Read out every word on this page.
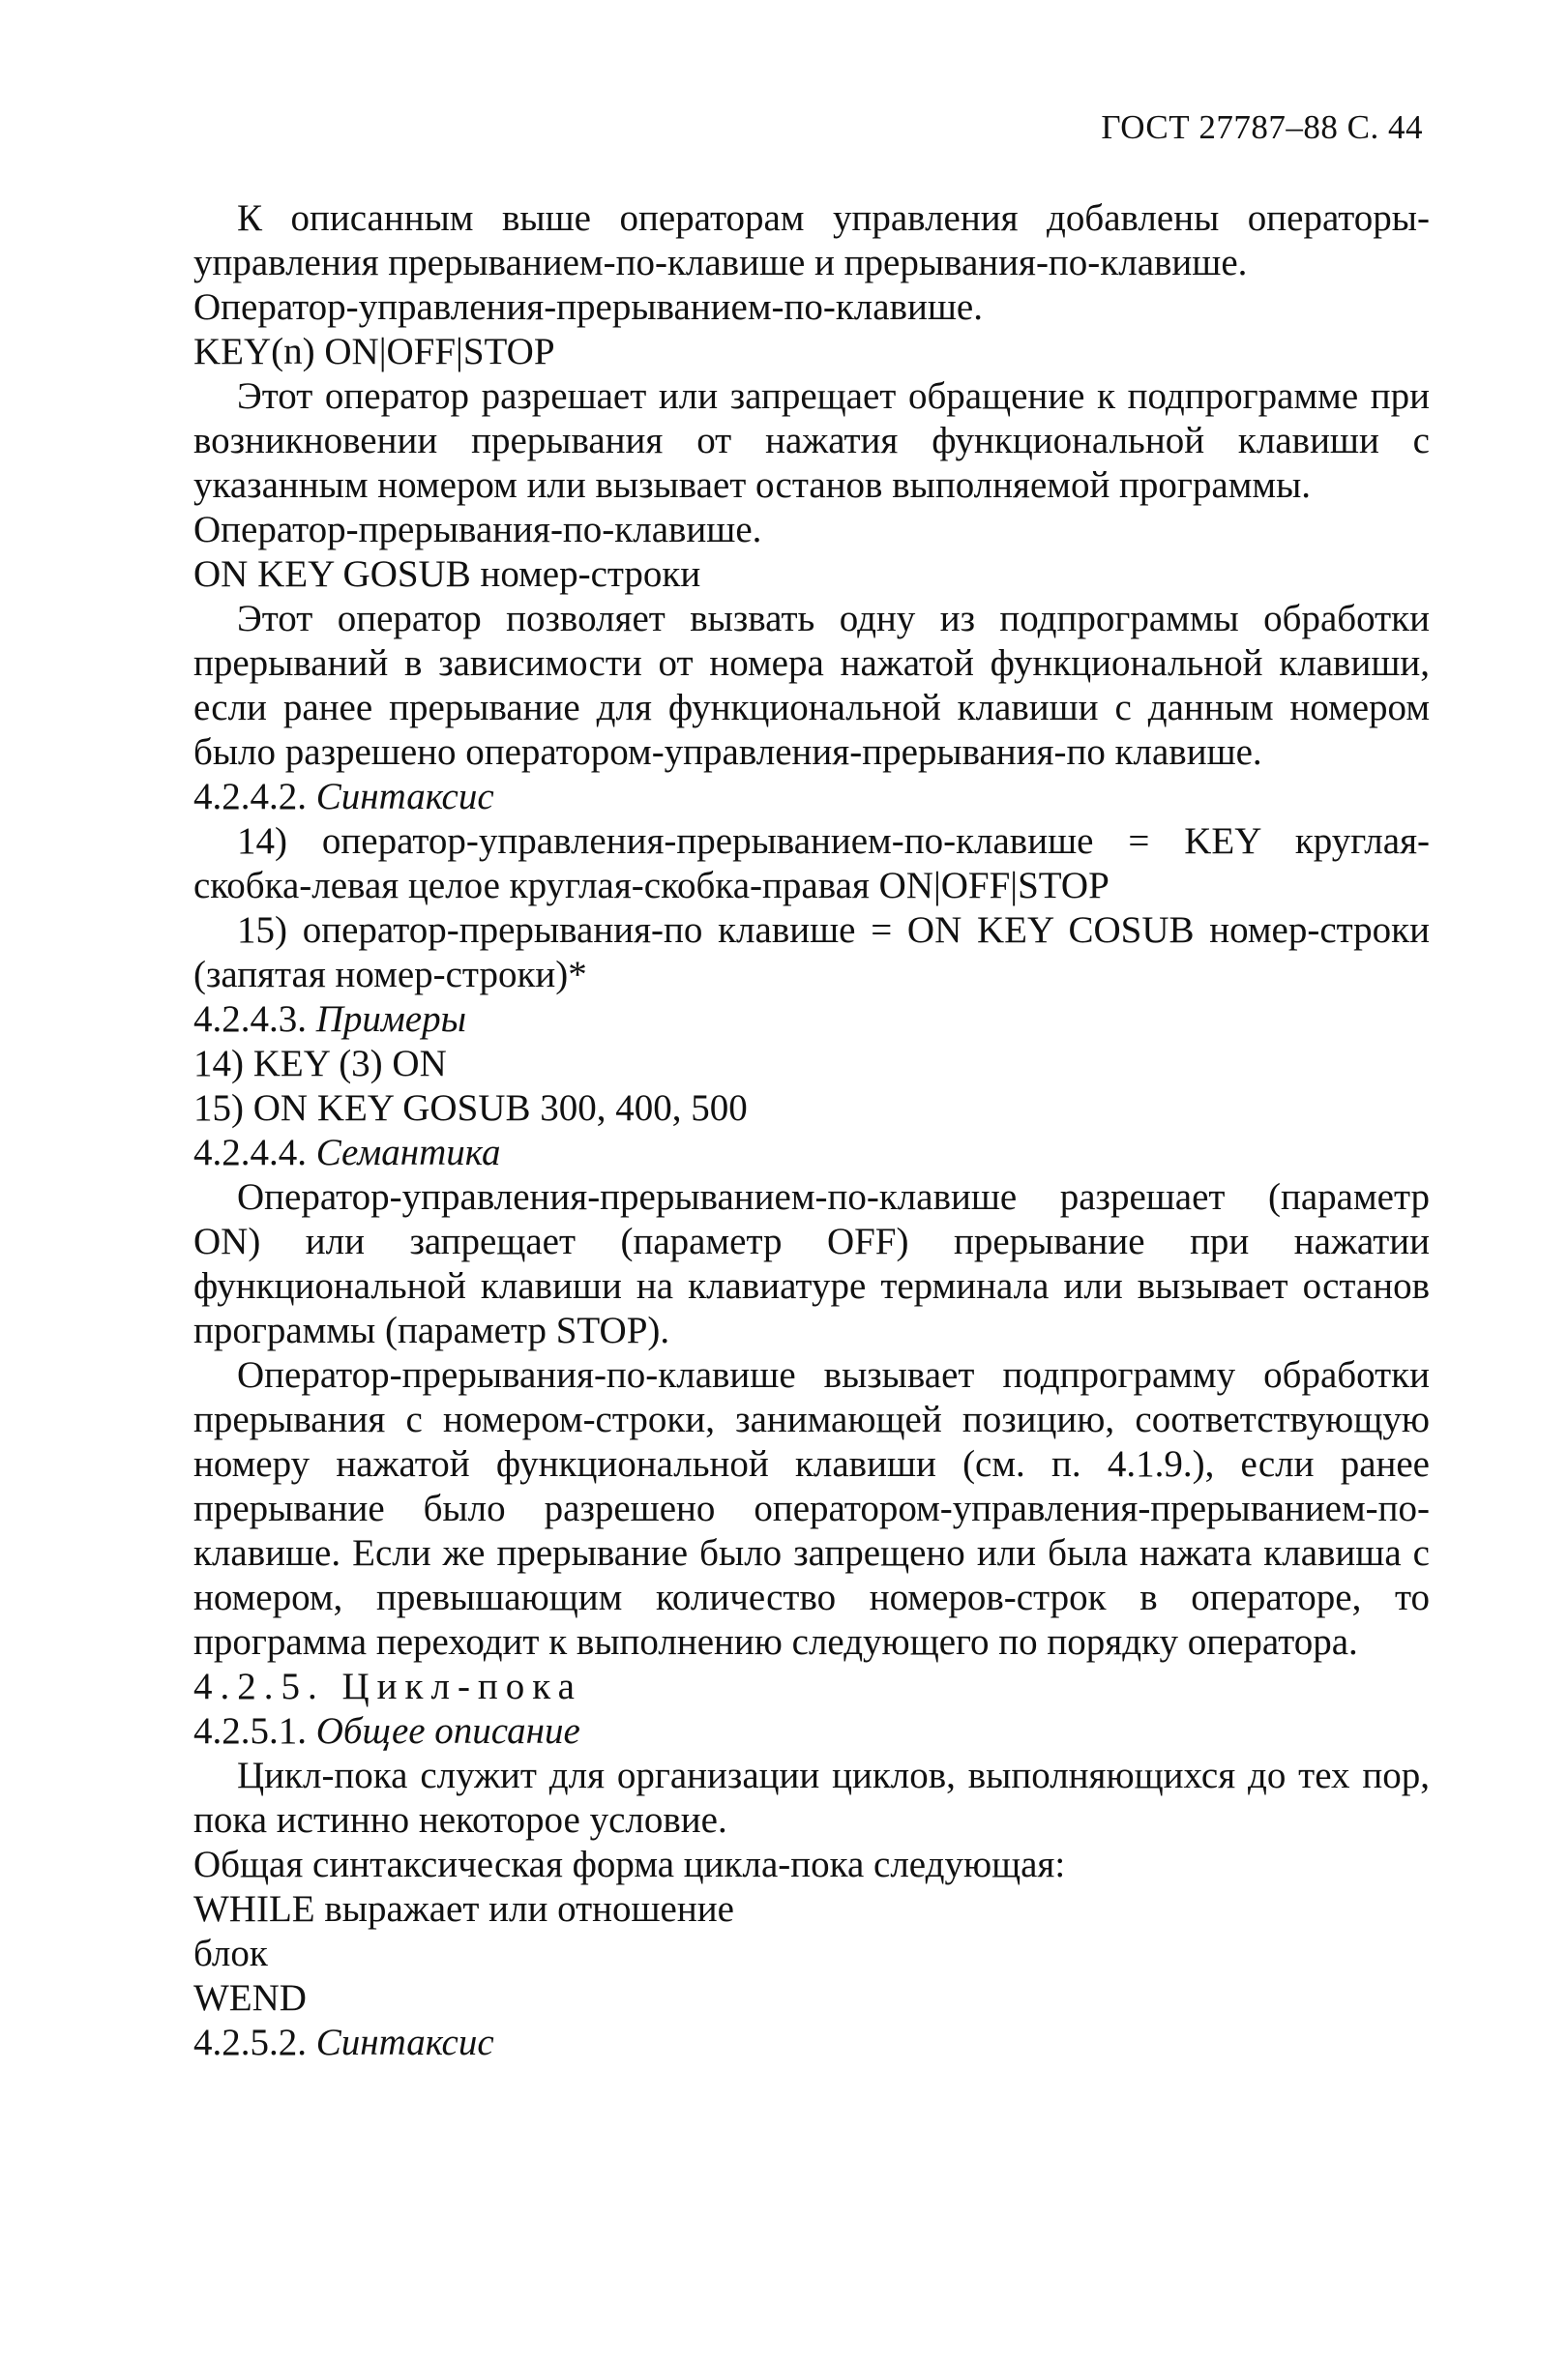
ГОСТ 27787–88 С. 44

К описанным выше операторам управления добавлены операторы-управления прерыванием-по-клавише и прерывания-по-клавише.

Оператор-управления-прерыванием-по-клавише.

KEY(n) ON|OFF|STOP

Этот оператор разрешает или запрещает обращение к подпрограмме при возникновении прерывания от нажатия функциональной клавиши с указанным номером или вызывает останов выполняемой программы.

Оператор-прерывания-по-клавише.

ON KEY GOSUB номер-строки

Этот оператор позволяет вызвать одну из подпрограммы обработки прерываний в зависимости от номера нажатой функциональной клавиши, если ранее прерывание для функциональной клавиши с данным номером было разрешено оператором-управления-прерывания-по клавише.

4.2.4.2. Синтаксис

14) оператор-управления-прерыванием-по-клавише = KEY круглая-скобка-левая целое круглая-скобка-правая ON|OFF|STOP

15) оператор-прерывания-по клавише = ON KEY COSUB номер-строки (запятая номер-строки)*

4.2.4.3. Примеры

14) KEY (3) ON

15) ON KEY GOSUB 300, 400, 500

4.2.4.4. Семантика

Оператор-управления-прерыванием-по-клавише разрешает (параметр ON) или запрещает (параметр OFF) прерывание при нажатии функциональной клавиши на клавиатуре терминала или вызывает останов программы (параметр STOP).

Оператор-прерывания-по-клавише вызывает подпрограмму обработки прерывания с номером-строки, занимающей позицию, соответствующую номеру нажатой функциональной клавиши (см. п. 4.1.9.), если ранее прерывание было разрешено оператором-управления-прерыванием-по-клавише. Если же прерывание было запрещено или была нажата клавиша с номером, превышающим количество номеров-строк в операторе, то программа переходит к выполнению следующего по порядку оператора.

4.2.5. Цикл-пока

4.2.5.1. Общее описание

Цикл-пока служит для организации циклов, выполняющихся до тех пор, пока истинно некоторое условие.

Общая синтаксическая форма цикла-пока следующая:

WHILE выражает или отношение

блок

WEND

4.2.5.2. Синтаксис
